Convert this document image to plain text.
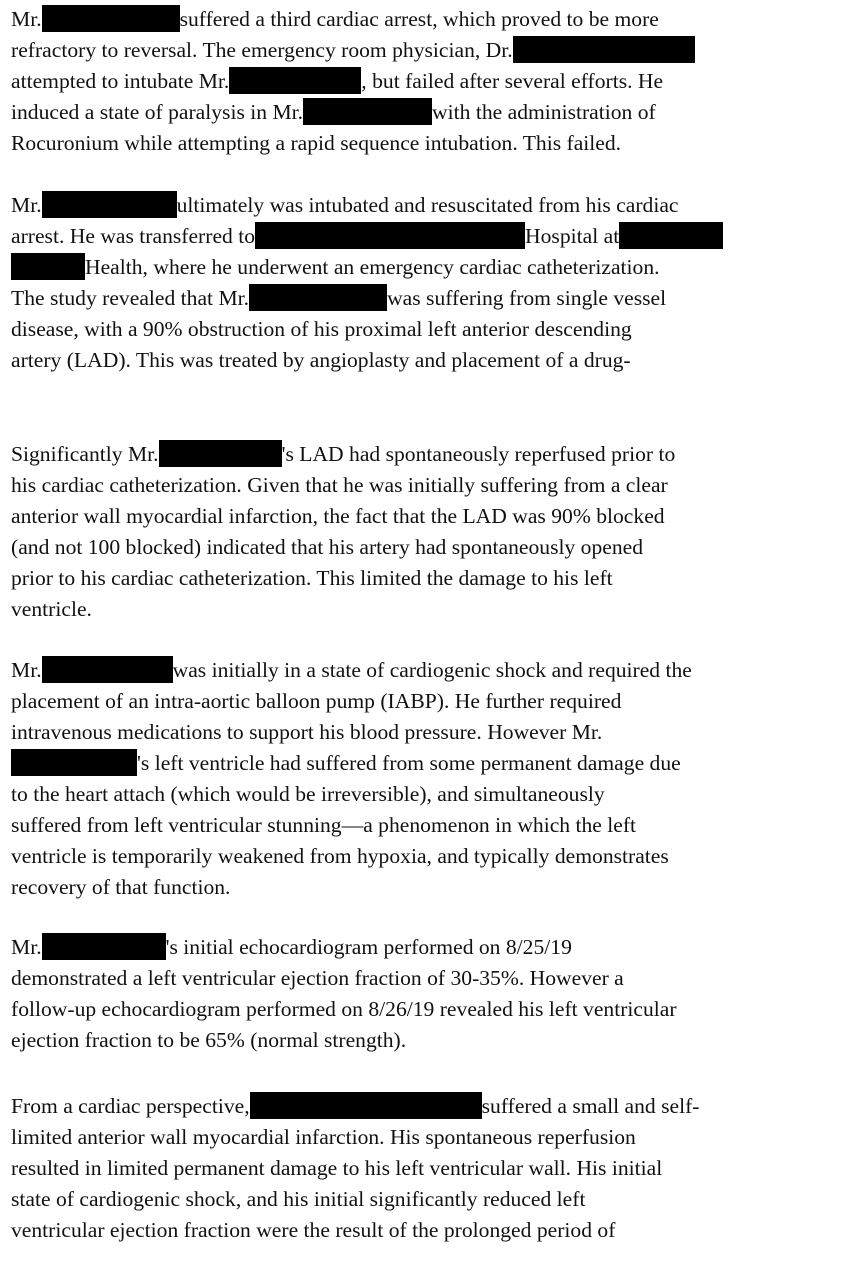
Mr.	suffered a third cardiac arrest, which proved to be more
refractory to reversal. The emergency room physician, Dr.
attempted to intubate Mr.	, but failed after several efforts. He
induced a state of paralysis in Mr.	with the administration of
Rocuronium while attempting a rapid sequence intubation. This failed.
Mr.	ultimately was intubated and resuscitated from his cardiac
arrest. He was transferred to	Hospital at
Health, where he underwent an emergency cardiac catheterization.
The study revealed that Mr.	was suffering from single vessel
disease, with a 90% obstruction of his proximal left anterior descending
artery (LAD). This was treated by angioplasty and placement of a drug-
Significantly Mr.	's LAD had spontaneously reperfused prior to
his cardiac catheterization. Given that he was initially suffering from a clear
anterior wall myocardial infarction, the fact that the LAD was 90% blocked
(and not 100 blocked) indicated that his artery had spontaneously opened
prior to his cardiac catheterization. This limited the damage to his left
ventricle.
Mr.	was initially in a state of cardiogenic shock and required the
placement of an intra-aortic balloon pump (IABP). He further required
intravenous medications to support his blood pressure. However Mr.
's left ventricle had suffered from some permanent damage due
to the heart attach (which would be irreversible), and simultaneously
suffered from left ventricular stunning—a phenomenon in which the left
ventricle is temporarily weakened from hypoxia, and typically demonstrates
recovery of that function.
Mr.	's initial echocardiogram performed on 8/25/19
demonstrated a left ventricular ejection fraction of 30-35%. However a
follow-up echocardiogram performed on 8/26/19 revealed his left ventricular
ejection fraction to be 65% (normal strength).
From a cardiac perspective,	suffered a small and self-
limited anterior wall myocardial infarction. His spontaneous reperfusion
resulted in limited permanent damage to his left ventricular wall. His initial
state of cardiogenic shock, and his initial significantly reduced left
ventricular ejection fraction were the result of the prolonged period of
